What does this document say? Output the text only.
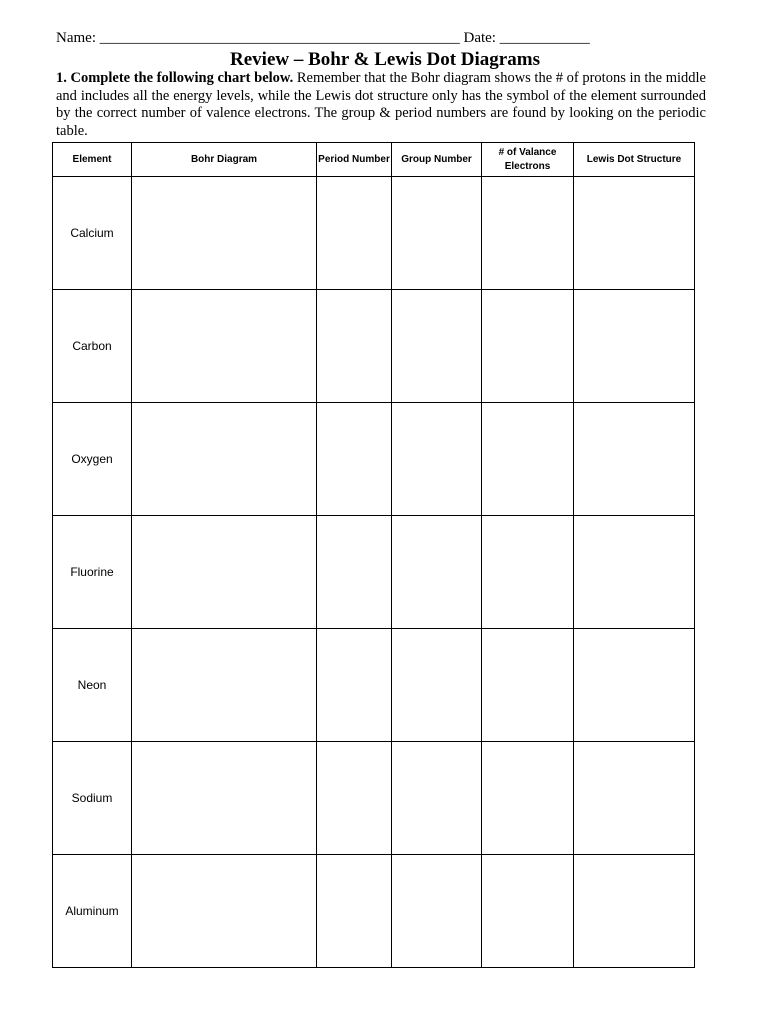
Name: ________________________________________________ Date: ____________
Review – Bohr & Lewis Dot Diagrams
1. Complete the following chart below. Remember that the Bohr diagram shows the # of protons in the middle and includes all the energy levels, while the Lewis dot structure only has the symbol of the element surrounded by the correct number of valence electrons. The group & period numbers are found by looking on the periodic table.
Element	Bohr Diagram	Period Number	Group Number	# of Valance Electrons	Lewis Dot Structure
Calcium					
Carbon					
Oxygen					
Fluorine					
Neon					
Sodium					
Aluminum					
